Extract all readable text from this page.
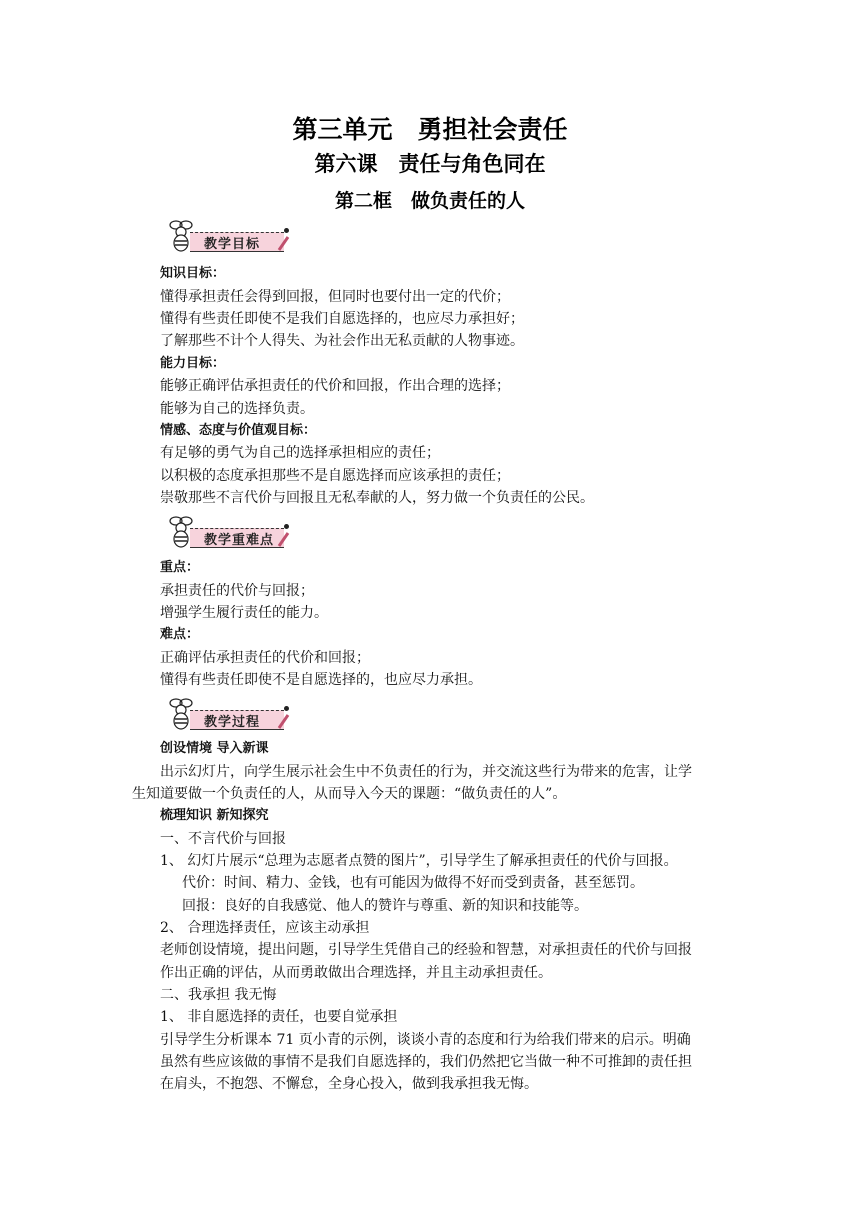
第三单元　勇担社会责任
第六课　责任与角色同在
第二框　做负责任的人
教学目标
知识目标：
懂得承担责任会得到回报，但同时也要付出一定的代价；
懂得有些责任即使不是我们自愿选择的，也应尽力承担好；
了解那些不计个人得失、为社会作出无私贡献的人物事迹。
能力目标：
能够正确评估承担责任的代价和回报，作出合理的选择；
能够为自己的选择负责。
情感、态度与价值观目标：
有足够的勇气为自己的选择承担相应的责任；
以积极的态度承担那些不是自愿选择而应该承担的责任；
崇敬那些不言代价与回报且无私奉献的人，努力做一个负责任的公民。
教学重难点
重点：
承担责任的代价与回报；
增强学生履行责任的能力。
难点：
正确评估承担责任的代价和回报；
懂得有些责任即使不是自愿选择的，也应尽力承担。
教学过程
创设情境 导入新课
出示幻灯片，向学生展示社会生中不负责任的行为，并交流这些行为带来的危害，让学
生知道要做一个负责任的人，从而导入今天的课题：“做负责任的人”。
梳理知识 新知探究
一、不言代价与回报
1、 幻灯片展示“总理为志愿者点赞的图片”，引导学生了解承担责任的代价与回报。
代价：时间、精力、金钱，也有可能因为做得不好而受到责备，甚至惩罚。
回报：良好的自我感觉、他人的赞许与尊重、新的知识和技能等。
2、 合理选择责任，应该主动承担
老师创设情境，提出问题，引导学生凭借自己的经验和智慧，对承担责任的代价与回报
作出正确的评估，从而勇敢做出合理选择，并且主动承担责任。
二、我承担 我无悔
1、 非自愿选择的责任，也要自觉承担
引导学生分析课本 71 页小青的示例，谈谈小青的态度和行为给我们带来的启示。明确
虽然有些应该做的事情不是我们自愿选择的，我们仍然把它当做一种不可推卸的责任担
在肩头，不抱怨、不懈怠，全身心投入，做到我承担我无悔。
